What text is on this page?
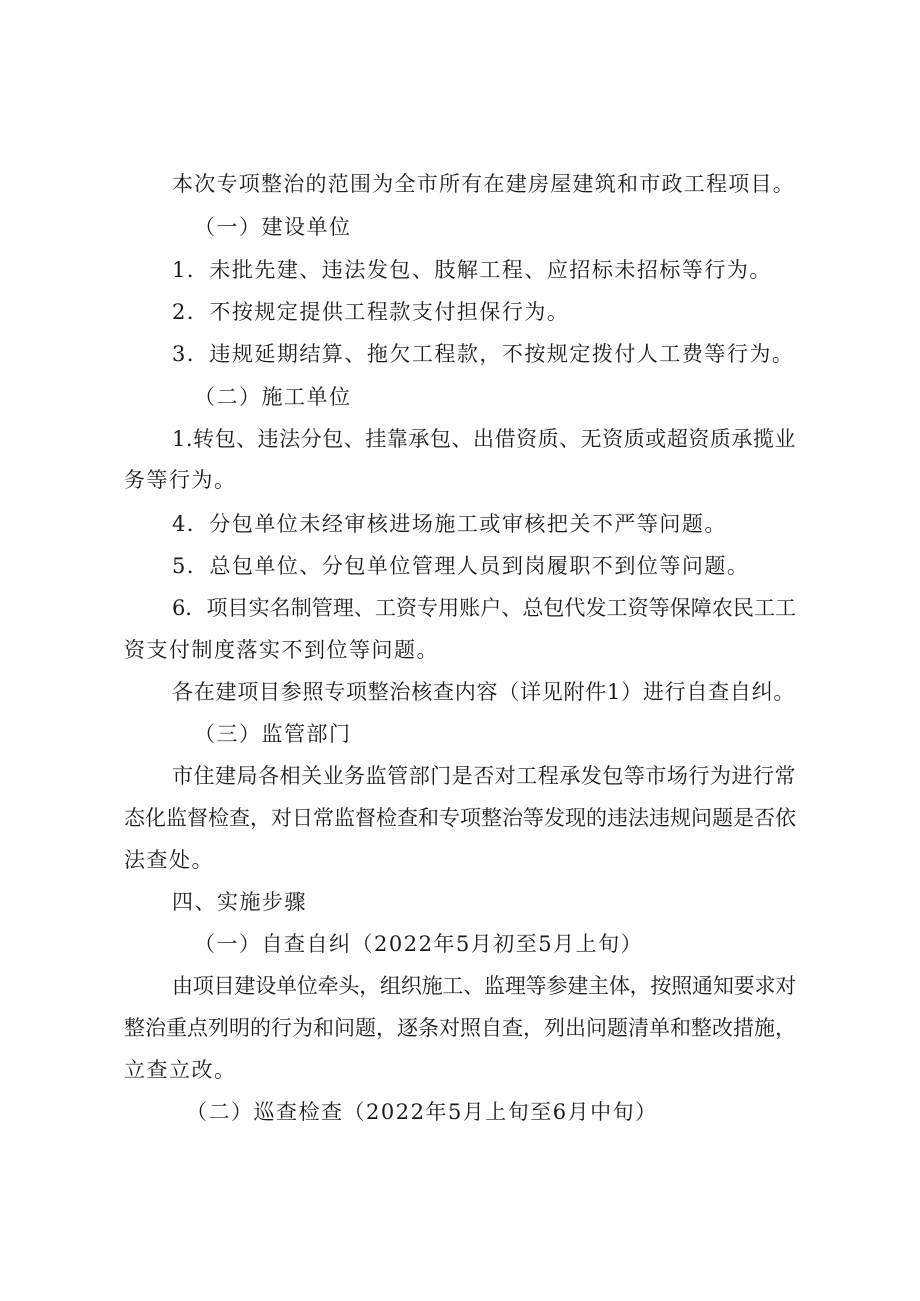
本次专项整治的范围为全市所有在建房屋建筑和市政工程项目。
（一）建设单位
1．未批先建、违法发包、肢解工程、应招标未招标等行为。
2．不按规定提供工程款支付担保行为。
3．违规延期结算、拖欠工程款，不按规定拨付人工费等行为。
（二）施工单位
1.转包、违法分包、挂靠承包、出借资质、无资质或超资质承揽业
务等行为。
4．分包单位未经审核进场施工或审核把关不严等问题。
5．总包单位、分包单位管理人员到岗履职不到位等问题。
6．项目实名制管理、工资专用账户、总包代发工资等保障农民工工
资支付制度落实不到位等问题。
各在建项目参照专项整治核查内容（详见附件1）进行自查自纠。
（三）监管部门
市住建局各相关业务监管部门是否对工程承发包等市场行为进行常
态化监督检查，对日常监督检查和专项整治等发现的违法违规问题是否依
法查处。
四、实施步骤
（一）自查自纠（2022年5月初至5月上旬）
由项目建设单位牵头，组织施工、监理等参建主体，按照通知要求对
整治重点列明的行为和问题，逐条对照自查，列出问题清单和整改措施，
立查立改。
（二）巡查检查（2022年5月上旬至6月中旬）
